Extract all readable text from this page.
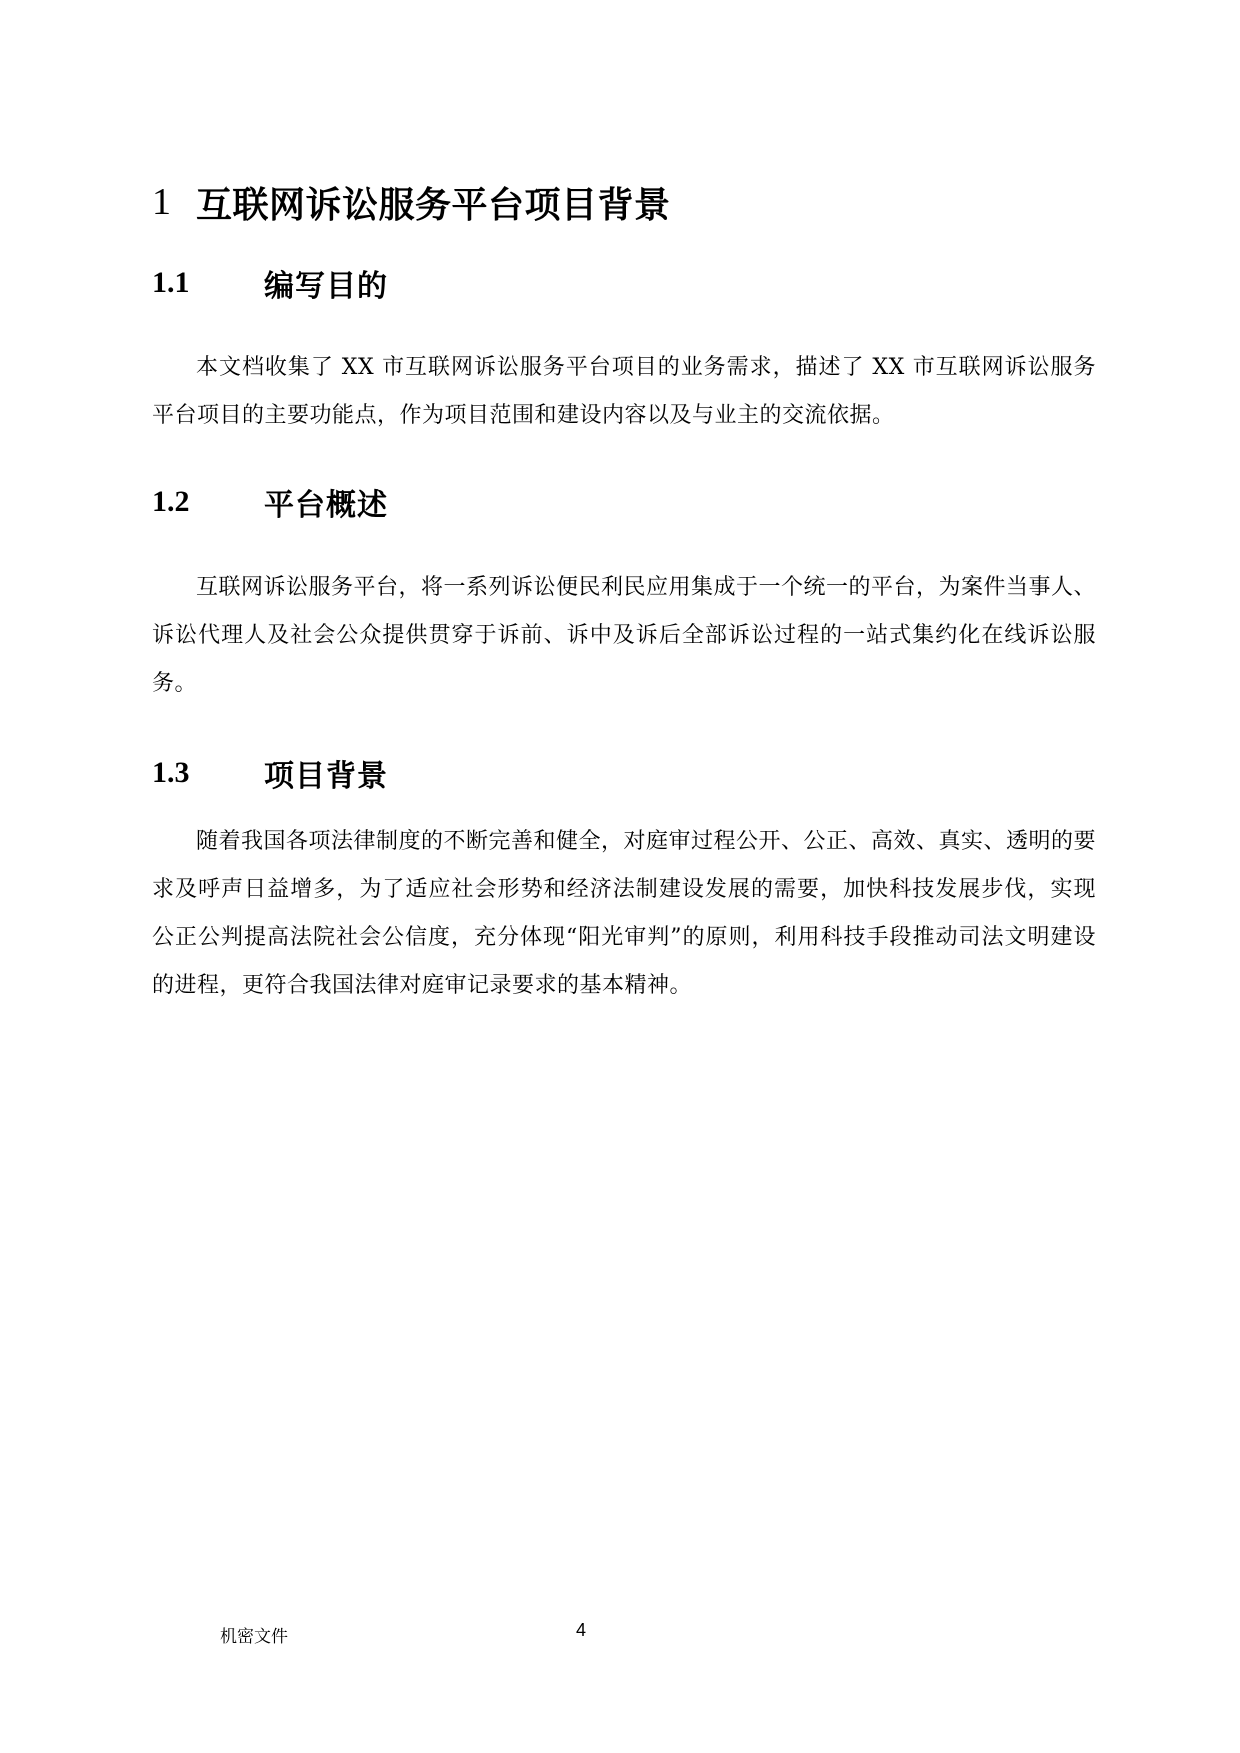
1 互联网诉讼服务平台项目背景
1.1	编写目的

本文档收集了 XX 市互联网诉讼服务平台项目的业务需求，描述了 XX 市互联网诉讼服务平台项目的主要功能点，作为项目范围和建设内容以及与业主的交流依据。

1.2	平台概述

互联网诉讼服务平台，将一系列诉讼便民利民应用集成于一个统一的平台，为案件当事人、诉讼代理人及社会公众提供贯穿于诉前、诉中及诉后全部诉讼过程的一站式集约化在线诉讼服务。

1.3	项目背景

随着我国各项法律制度的不断完善和健全，对庭审过程公开、公正、高效、真实、透明的要求及呼声日益增多，为了适应社会形势和经济法制建设发展的需要，加快科技发展步伐，实现公正公判提高法院社会公信度，充分体现“阳光审判”的原则，利用科技手段推动司法文明建设的进程，更符合我国法律对庭审记录要求的基本精神。

机密文件	4
